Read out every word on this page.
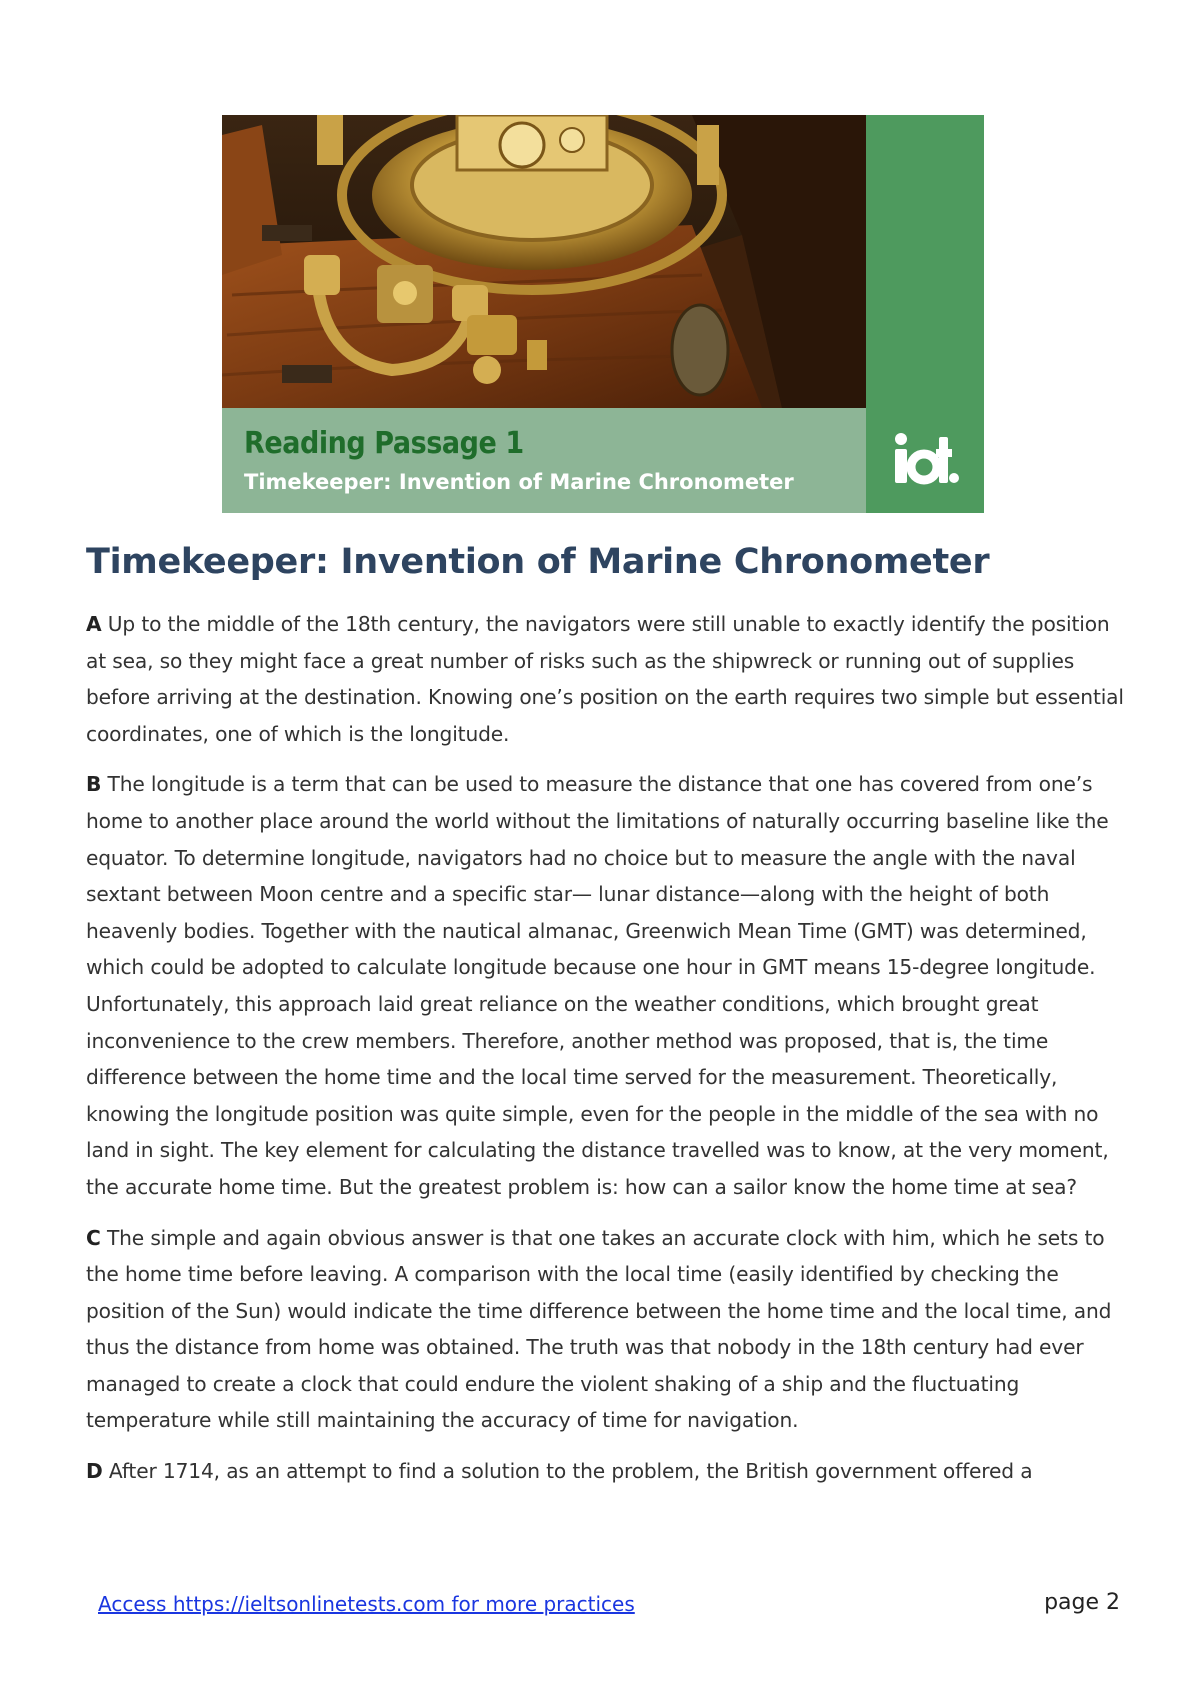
Reading Passage 1
Timekeeper: Invention of Marine Chronometer
Timekeeper: Invention of Marine Chronometer

A Up to the middle of the 18th century, the navigators were still unable to exactly identify the position at sea, so they might face a great number of risks such as the shipwreck or running out of supplies before arriving at the destination. Knowing one’s position on the earth requires two simple but essential coordinates, one of which is the longitude.

B The longitude is a term that can be used to measure the distance that one has covered from one’s home to another place around the world without the limitations of naturally occurring baseline like the equator. To determine longitude, navigators had no choice but to measure the angle with the naval sextant between Moon centre and a specific star— lunar distance—along with the height of both heavenly bodies. Together with the nautical almanac, Greenwich Mean Time (GMT) was determined, which could be adopted to calculate longitude because one hour in GMT means 15-degree longitude. Unfortunately, this approach laid great reliance on the weather conditions, which brought great inconvenience to the crew members. Therefore, another method was proposed, that is, the time difference between the home time and the local time served for the measurement. Theoretically, knowing the longitude position was quite simple, even for the people in the middle of the sea with no land in sight. The key element for calculating the distance travelled was to know, at the very moment, the accurate home time. But the greatest problem is: how can a sailor know the home time at sea?

C The simple and again obvious answer is that one takes an accurate clock with him, which he sets to the home time before leaving. A comparison with the local time (easily identified by checking the position of the Sun) would indicate the time difference between the home time and the local time, and thus the distance from home was obtained. The truth was that nobody in the 18th century had ever managed to create a clock that could endure the violent shaking of a ship and the fluctuating temperature while still maintaining the accuracy of time for navigation.

D After 1714, as an attempt to find a solution to the problem, the British government offered a

Access https://ieltsonlinetests.com for more practices	page 2
